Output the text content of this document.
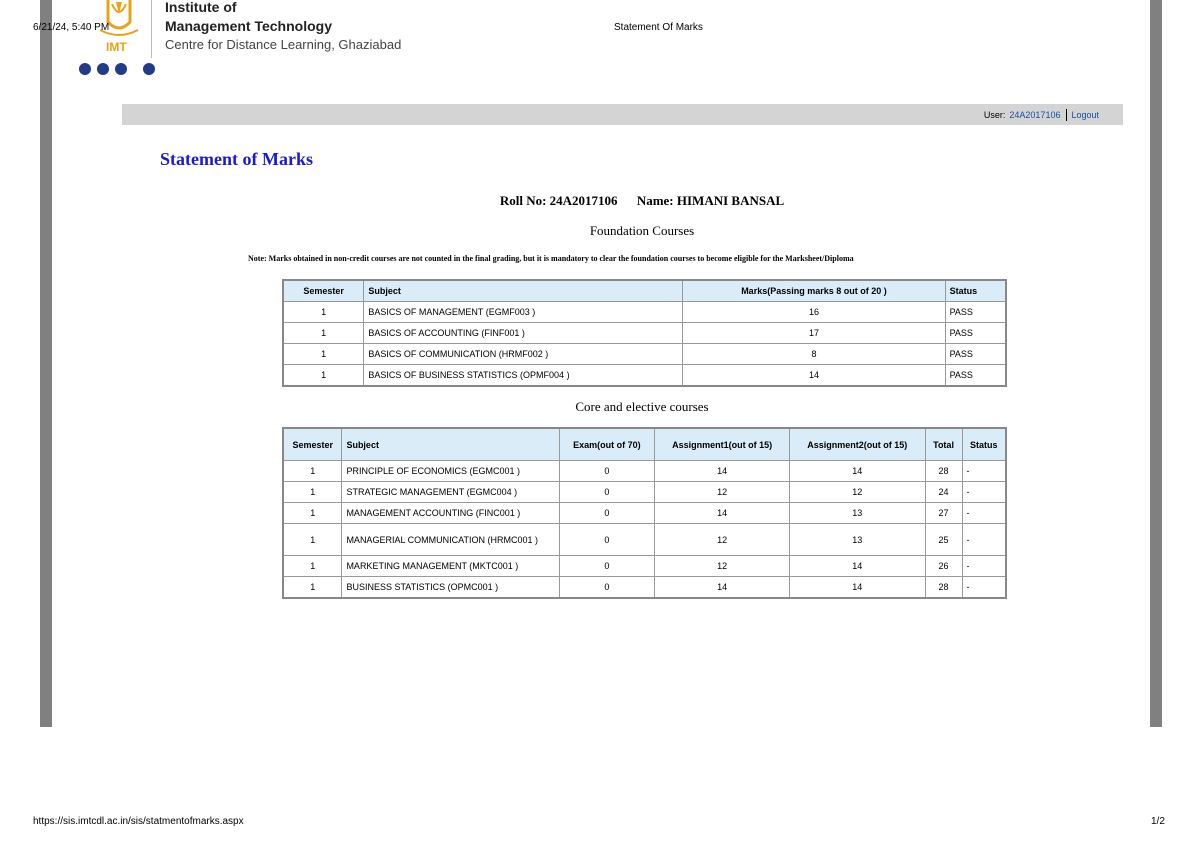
IMT
Institute of
Management Technology
Centre for Distance Learning, Ghaziabad
6/21/24, 5:40 PM	Statement Of Marks
https://sis.imtcdl.ac.in/sis/statmentofmarks.aspx	1/2
User: 24A2017106 Logout
Statement of Marks
Roll No: 24A2017106 Name: HIMANI BANSAL
Foundation Courses
Note: Marks obtained in non-credit courses are not counted in the final grading, but it is mandatory to clear the foundation courses to become eligible for the Marksheet/Diploma
Semester	Subject	Marks(Passing marks 8 out of 20 )	Status
1	BASICS OF MANAGEMENT (EGMF003 )	16	PASS
1	BASICS OF ACCOUNTING (FINF001 )	17	PASS
1	BASICS OF COMMUNICATION (HRMF002 )	8	PASS
1	BASICS OF BUSINESS STATISTICS (OPMF004 )	14	PASS
Core and elective courses
Semester	Subject	Exam(out of 70)	Assignment1(out of 15)	Assignment2(out of 15)	Total	Status
1	PRINCIPLE OF ECONOMICS (EGMC001 )	0	14	14	28	-
1	STRATEGIC MANAGEMENT (EGMC004 )	0	12	12	24	-
1	MANAGEMENT ACCOUNTING (FINC001 )	0	14	13	27	-
1	MANAGERIAL COMMUNICATION (HRMC001 )	0	12	13	25	-
1	MARKETING MANAGEMENT (MKTC001 )	0	12	14	26	-
1	BUSINESS STATISTICS (OPMC001 )	0	14	14	28	-
